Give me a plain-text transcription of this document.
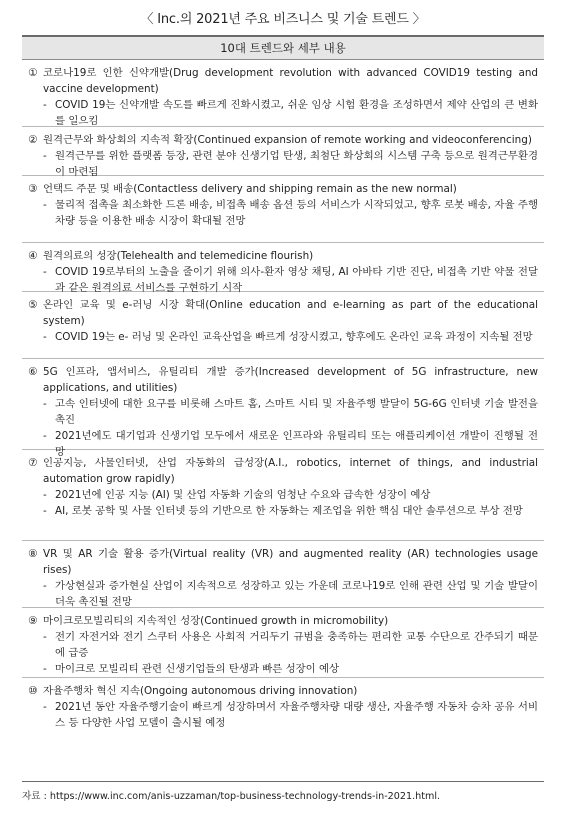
〈 Inc.의 2021년 주요 비즈니스 및 기술 트렌드 〉
10대 트렌드와 세부 내용
① 코로나19로 인한 신약개발(Drug development revolution with advanced COVID19 testing and vaccine development)
- COVID 19는 신약개발 속도를 빠르게 진화시켰고, 쉬운 임상 시험 환경을 조성하면서 제약 산업의 큰 변화를 일으킴
② 원격근무와 화상회의 지속적 확장(Continued expansion of remote working and videoconferencing)
- 원격근무를 위한 플랫폼 등장, 관련 분야 신생기업 탄생, 최첨단 화상회의 시스템 구축 등으로 원격근무환경이 마련됨
③ 언택드 주문 및 배송(Contactless delivery and shipping remain as the new normal)
- 물리적 접촉을 최소화한 드론 배송, 비접촉 배송 옵션 등의 서비스가 시작되었고, 향후 로봇 배송, 자율 주행 차량 등을 이용한 배송 시장이 확대될 전망
④ 원격의료의 성장(Telehealth and telemedicine flourish)
- COVID 19로부터의 노출을 줄이기 위해 의사-환자 영상 채팅, AI 아바타 기반 진단, 비접촉 기반 약물 전달과 같은 원격의료 서비스를 구현하기 시작
⑤ 온라인 교육 및 e-러닝 시장 확대(Online education and e-learning as part of the educational system)
- COVID 19는 e- 러닝 및 온라인 교육산업을 빠르게 성장시켰고, 향후에도 온라인 교육 과정이 지속될 전망
⑥ 5G 인프라, 앱서비스, 유틸리티 개발 증가(Increased development of 5G infrastructure, new applications, and utilities)
- 고속 인터넷에 대한 요구를 비롯해 스마트 홈, 스마트 시티 및 자율주행 발달이 5G-6G 인터넷 기술 발전을 촉진
- 2021년에도 대기업과 신생기업 모두에서 새로운 인프라와 유틸리티 또는 애플리케이션 개발이 진행될 전망
⑦ 인공지능, 사물인터넷, 산업 자동화의 급성장(A.I., robotics, internet of things, and industrial automation grow rapidly)
- 2021년에 인공 지능 (AI) 및 산업 자동화 기술의 엄청난 수요와 급속한 성장이 예상
- AI, 로봇 공학 및 사물 인터넷 등의 기반으로 한 자동화는 제조업을 위한 핵심 대안 솔루션으로 부상 전망
⑧ VR 및 AR 기술 활용 증가(Virtual reality (VR) and augmented reality (AR) technologies usage rises)
- 가상현실과 증가현실 산업이 지속적으로 성장하고 있는 가운데 코로나19로 인해 관련 산업 및 기술 발달이 더욱 촉진될 전망
⑨ 마이크로모빌리티의 지속적인 성장(Continued growth in micromobility)
- 전기 자전거와 전기 스쿠터 사용은 사회적 거리두기 규범을 충족하는 편리한 교통 수단으로 간주되기 때문에 급증
- 마이크로 모빌리티 관련 신생기업들의 탄생과 빠른 성장이 예상
⑩ 자율주행차 혁신 지속(Ongoing autonomous driving innovation)
- 2021년 동안 자율주행기술이 빠르게 성장하며서 자율주행차량 대량 생산, 자율주행 자동차 승차 공유 서비스 등 다양한 사업 모델이 출시될 예정
자료 : https://www.inc.com/anis-uzzaman/top-business-technology-trends-in-2021.html.
